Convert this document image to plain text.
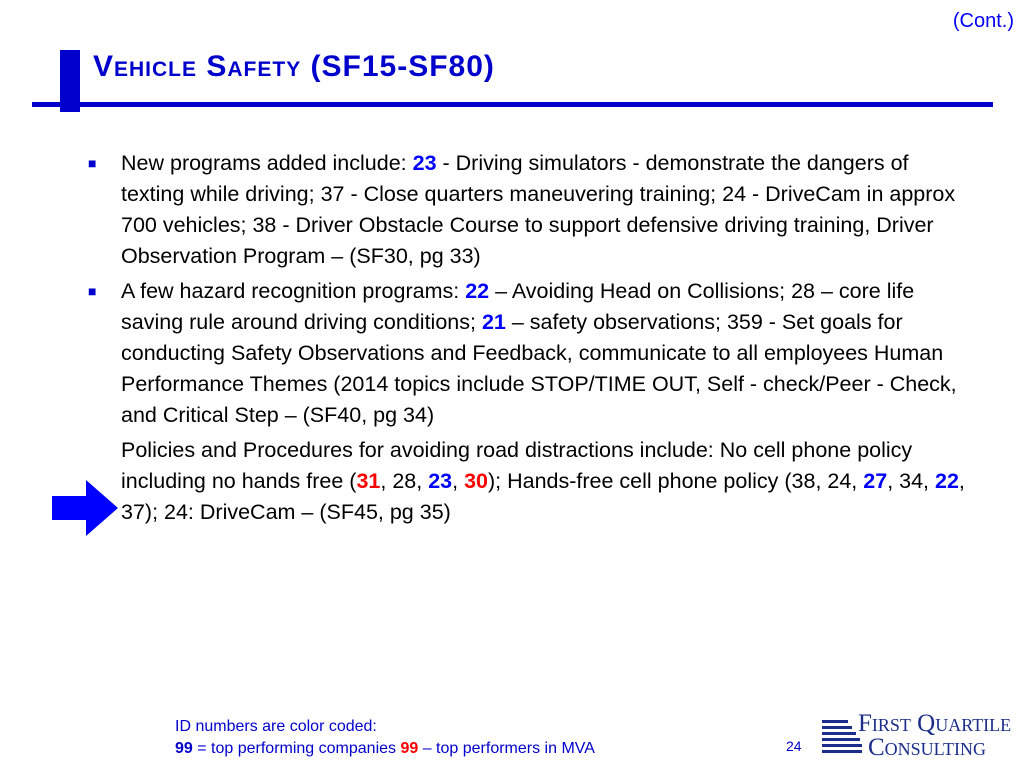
(Cont.)
Vehicle Safety (SF15-SF80)
■ New programs added include: 23 - Driving simulators - demonstrate the dangers of texting while driving; 37 - Close quarters maneuvering training; 24 - DriveCam in approx 700 vehicles; 38 - Driver Obstacle Course to support defensive driving training, Driver Observation Program – (SF30, pg 33)
■ A few hazard recognition programs: 22 – Avoiding Head on Collisions; 28 – core life saving rule around driving conditions; 21 – safety observations; 359 - Set goals for conducting Safety Observations and Feedback, communicate to all employees Human Performance Themes (2014 topics include STOP/TIME OUT, Self - check/Peer - Check, and Critical Step – (SF40, pg 34)
Policies and Procedures for avoiding road distractions include: No cell phone policy including no hands free (31, 28, 23, 30); Hands-free cell phone policy (38, 24, 27, 34, 22, 37); 24: DriveCam – (SF45, pg 35)
ID numbers are color coded:
99 = top performing companies 99 – top performers in MVA	24
First Quartile
Consulting
